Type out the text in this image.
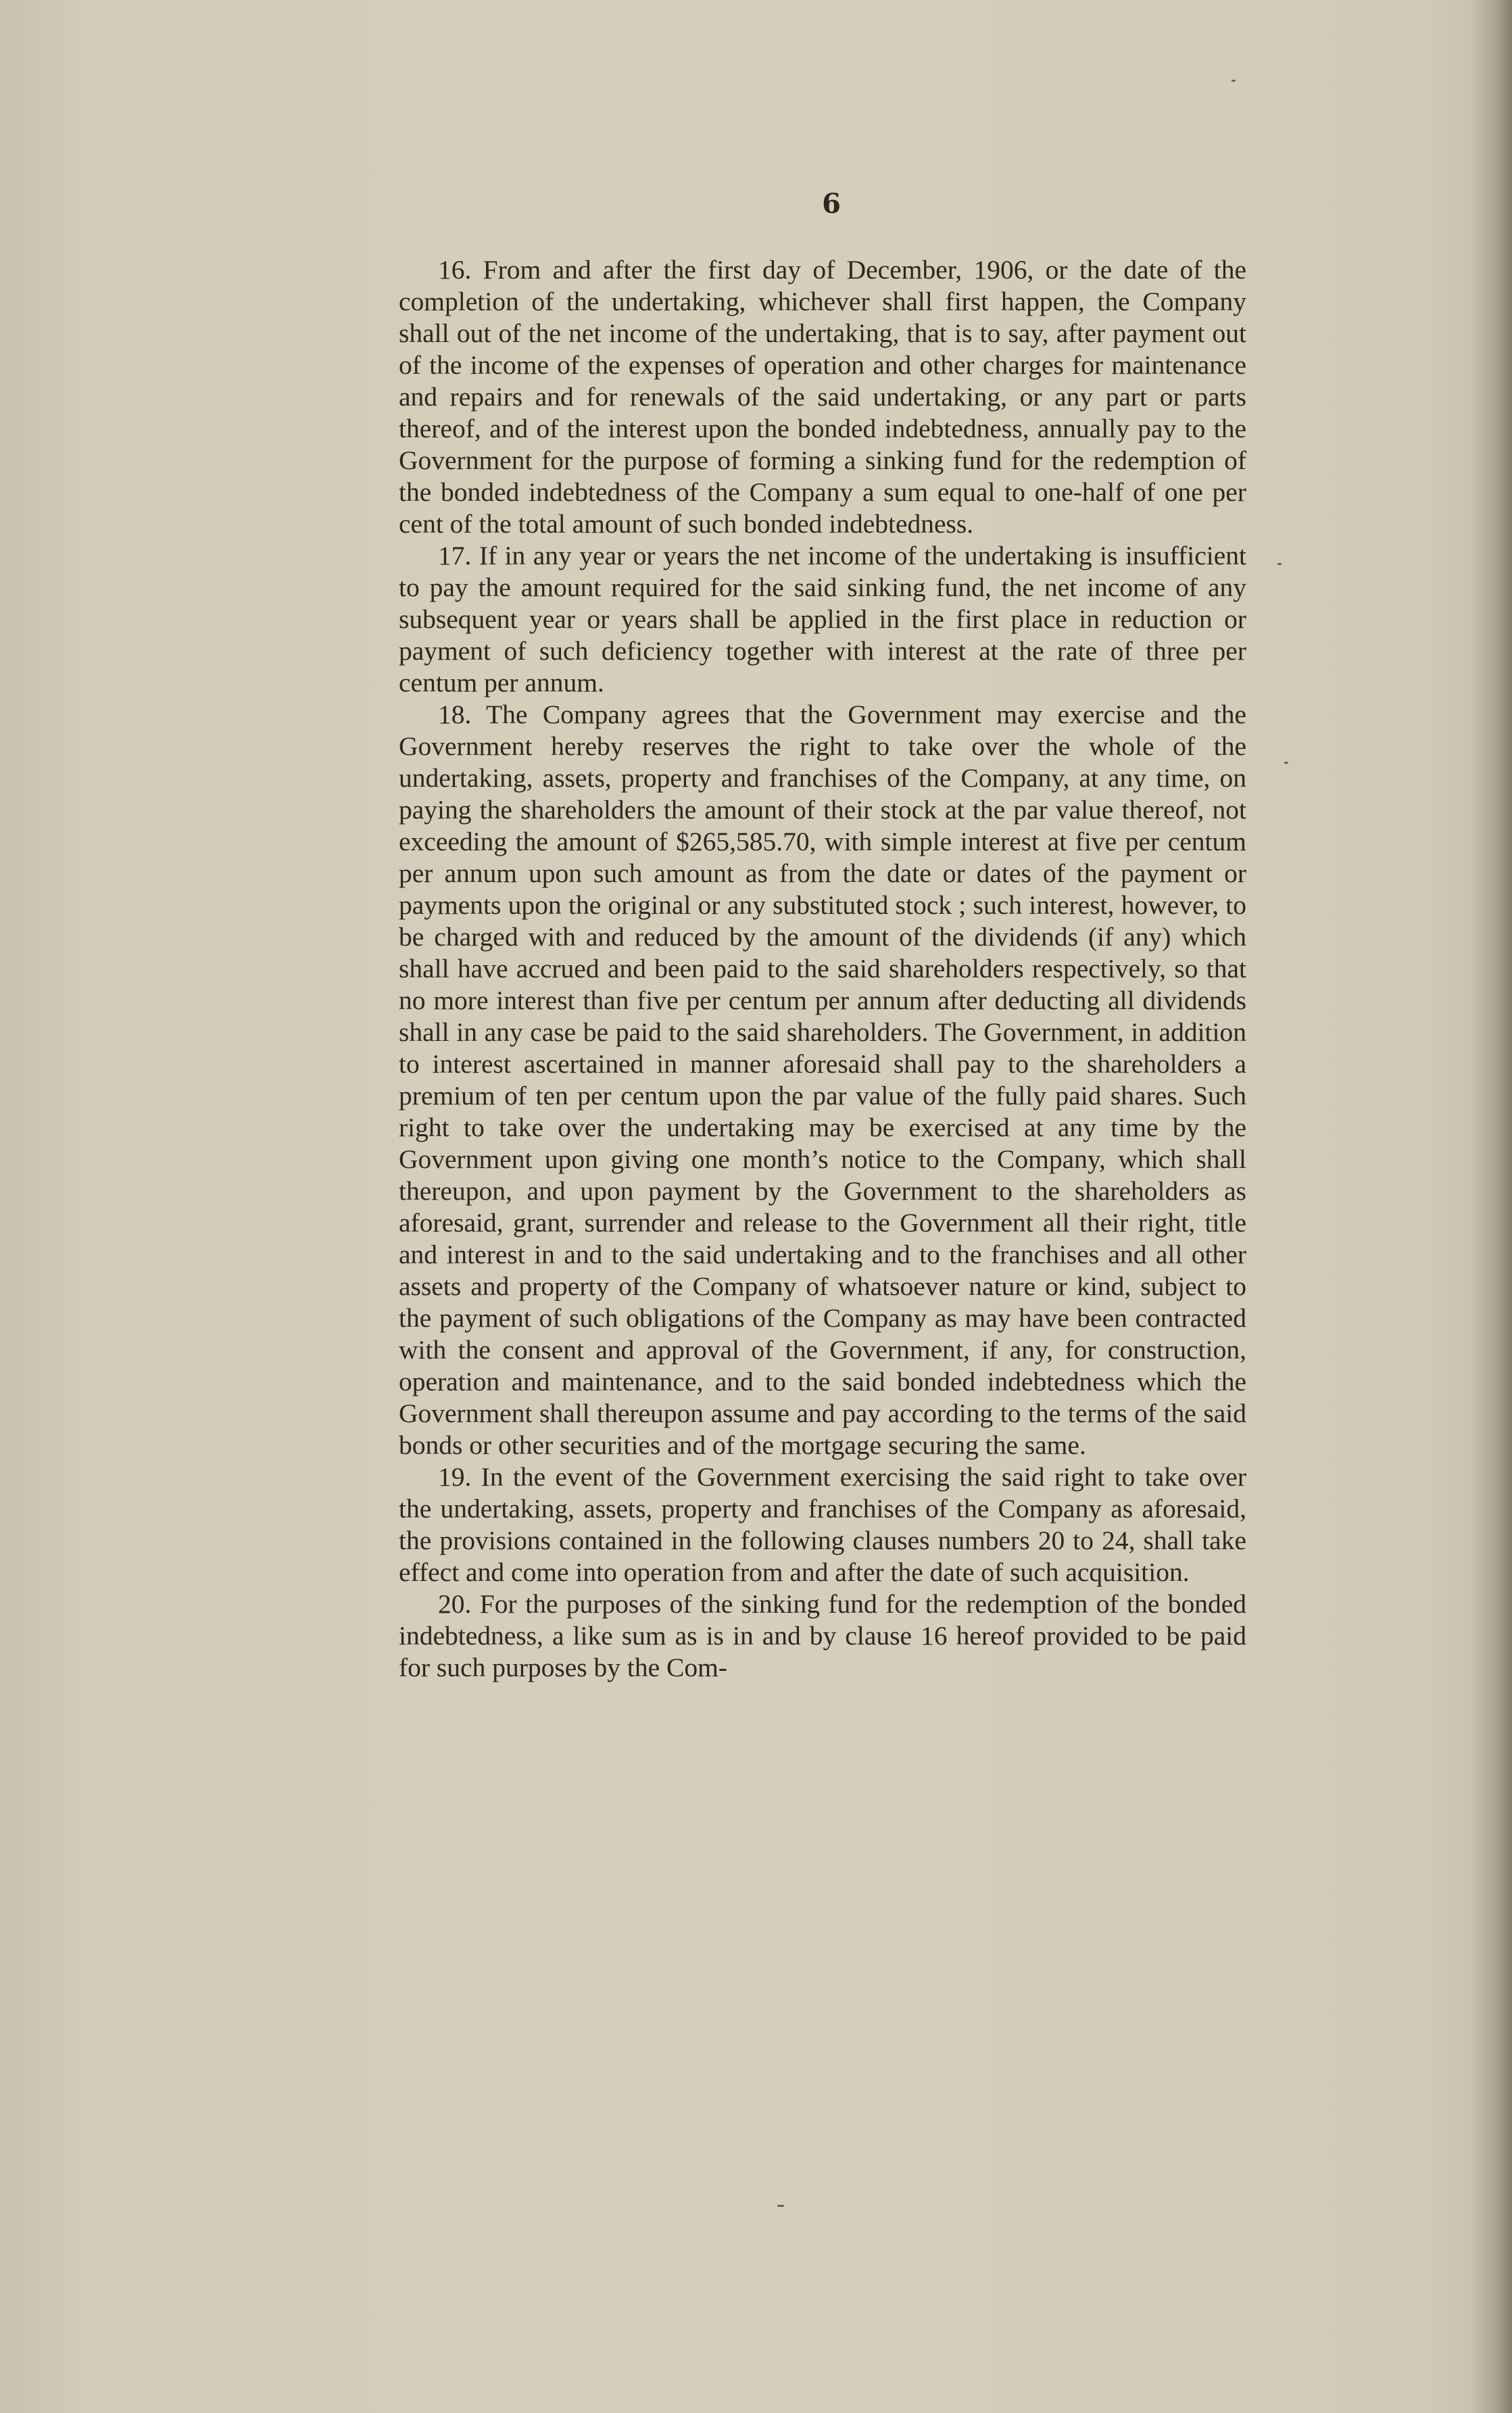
6

16. From and after the first day of December, 1906, or the date of the completion of the undertaking, whichever shall first happen, the Company shall out of the net income of the undertaking, that is to say, after payment out of the income of the expenses of operation and other charges for maintenance and repairs and for renewals of the said undertaking, or any part or parts thereof, and of the interest upon the bonded indebtedness, annually pay to the Government for the purpose of forming a sinking fund for the redemption of the bonded indebtedness of the Company a sum equal to one-half of one per cent of the total amount of such bonded indebtedness.

17. If in any year or years the net income of the undertaking is insufficient to pay the amount required for the said sinking fund, the net income of any subsequent year or years shall be applied in the first place in reduction or payment of such deficiency together with interest at the rate of three per centum per annum.

18. The Company agrees that the Government may exercise and the Government hereby reserves the right to take over the whole of the undertaking, assets, property and franchises of the Company, at any time, on paying the shareholders the amount of their stock at the par value thereof, not exceeding the amount of $265,585.70, with simple interest at five per centum per annum upon such amount as from the date or dates of the payment or payments upon the original or any substituted stock ; such interest, however, to be charged with and reduced by the amount of the dividends (if any) which shall have accrued and been paid to the said shareholders respectively, so that no more interest than five per centum per annum after deducting all dividends shall in any case be paid to the said shareholders. The Government, in addition to interest ascertained in manner aforesaid shall pay to the shareholders a premium of ten per centum upon the par value of the fully paid shares. Such right to take over the undertaking may be exercised at any time by the Government upon giving one month’s notice to the Company, which shall thereupon, and upon payment by the Government to the shareholders as aforesaid, grant, surrender and release to the Government all their right, title and interest in and to the said undertaking and to the franchises and all other assets and property of the Company of whatsoever nature or kind, subject to the payment of such obligations of the Company as may have been contracted with the consent and approval of the Government, if any, for construction, operation and maintenance, and to the said bonded indebtedness which the Government shall thereupon assume and pay according to the terms of the said bonds or other securities and of the mortgage securing the same.

19. In the event of the Government exercising the said right to take over the undertaking, assets, property and franchises of the Company as aforesaid, the provisions contained in the following clauses numbers 20 to 24, shall take effect and come into operation from and after the date of such acquisition.

20. For the purposes of the sinking fund for the redemption of the bonded indebtedness, a like sum as is in and by clause 16 hereof provided to be paid for such purposes by the Com-
